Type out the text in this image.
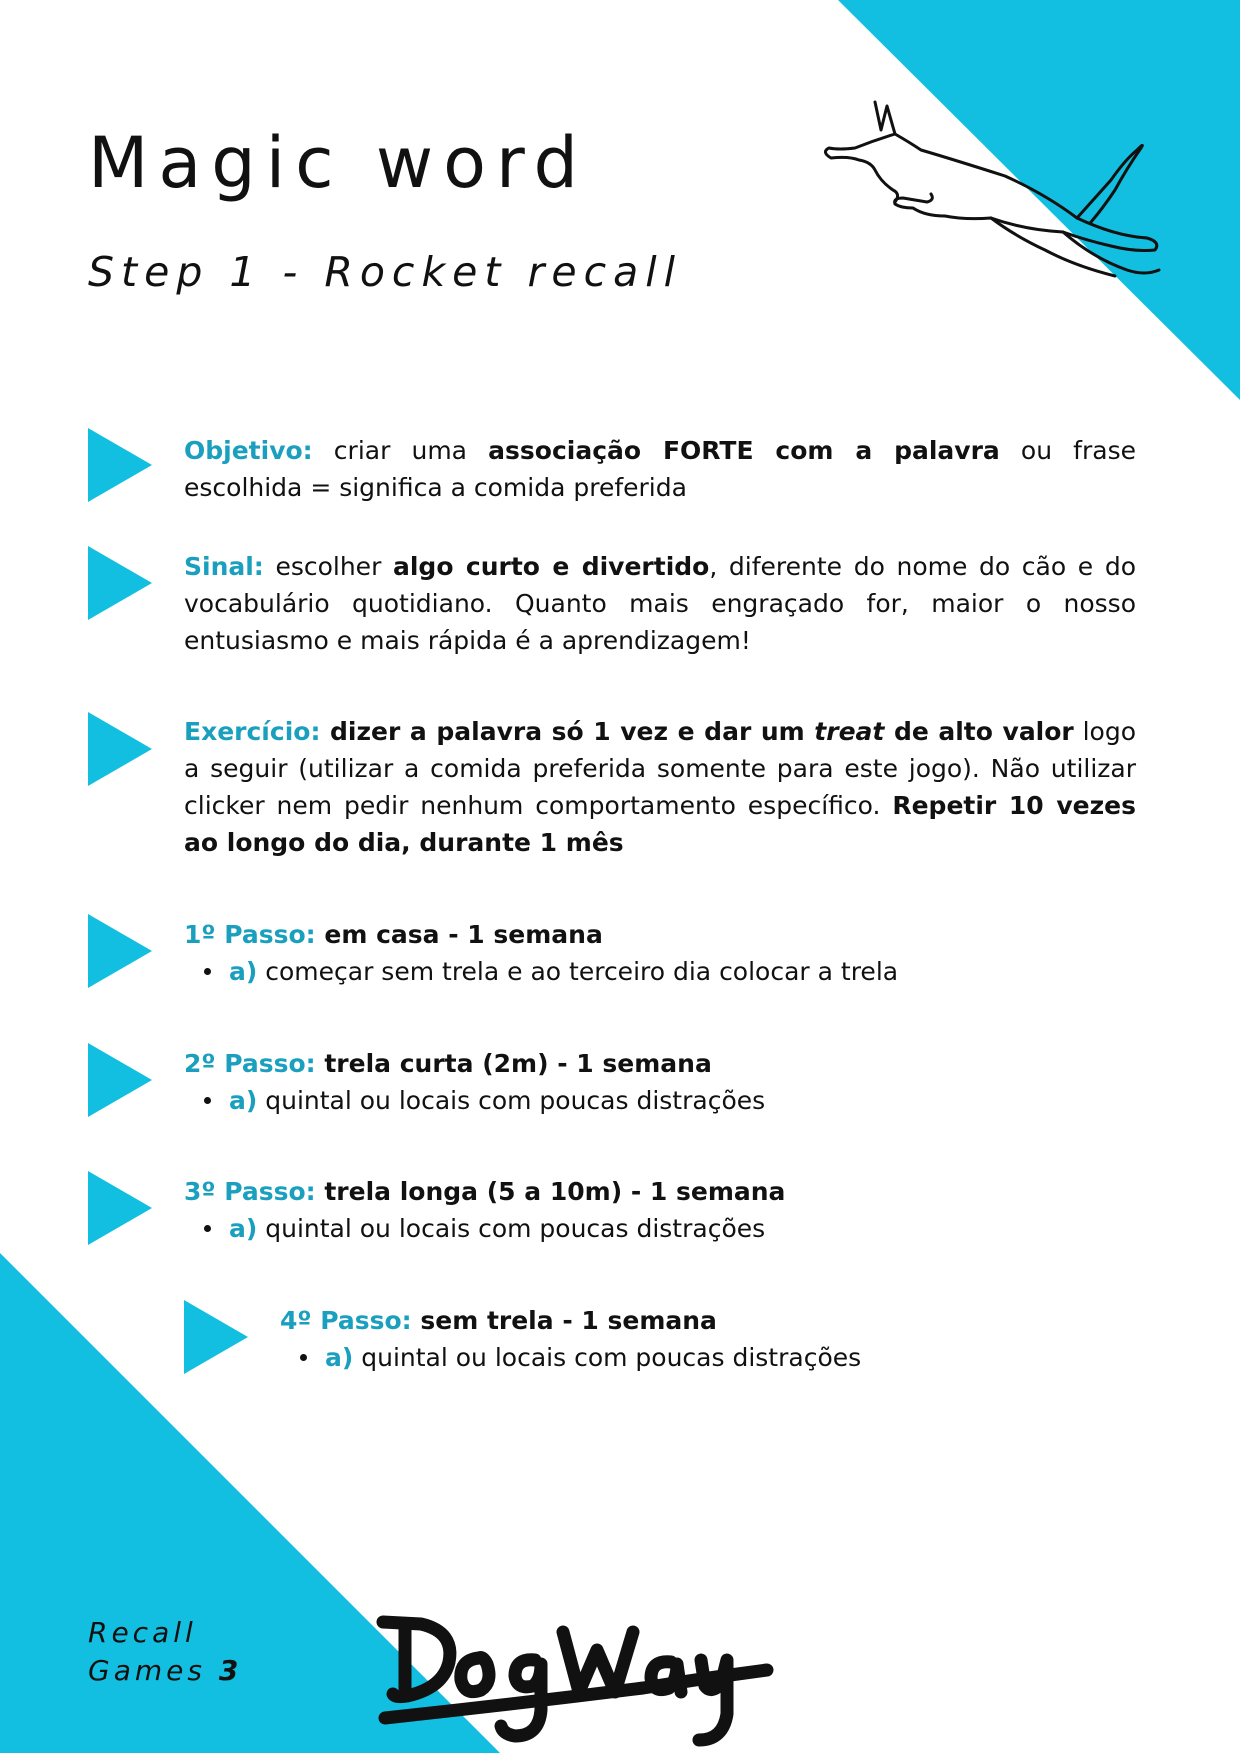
Magic word
Step 1 - Rocket recall
Objetivo: criar uma associação FORTE com a palavra ou frase escolhida = significa a comida preferida
Sinal: escolher algo curto e divertido, diferente do nome do cão e do vocabulário quotidiano. Quanto mais engraçado for, maior o nosso entusiasmo e mais rápida é a aprendizagem!
Exercício: dizer a palavra só 1 vez e dar um treat de alto valor logo a seguir (utilizar a comida preferida somente para este jogo). Não utilizar clicker nem pedir nenhum comportamento específico. Repetir 10 vezes ao longo do dia, durante 1 mês
1º Passo: em casa - 1 semana
a) começar sem trela e ao terceiro dia colocar a trela
2º Passo: trela curta (2m) - 1 semana
a) quintal ou locais com poucas distrações
3º Passo: trela longa (5 a 10m) - 1 semana
a) quintal ou locais com poucas distrações
4º Passo: sem trela - 1 semana
a) quintal ou locais com poucas distrações
Recall
Games 3
